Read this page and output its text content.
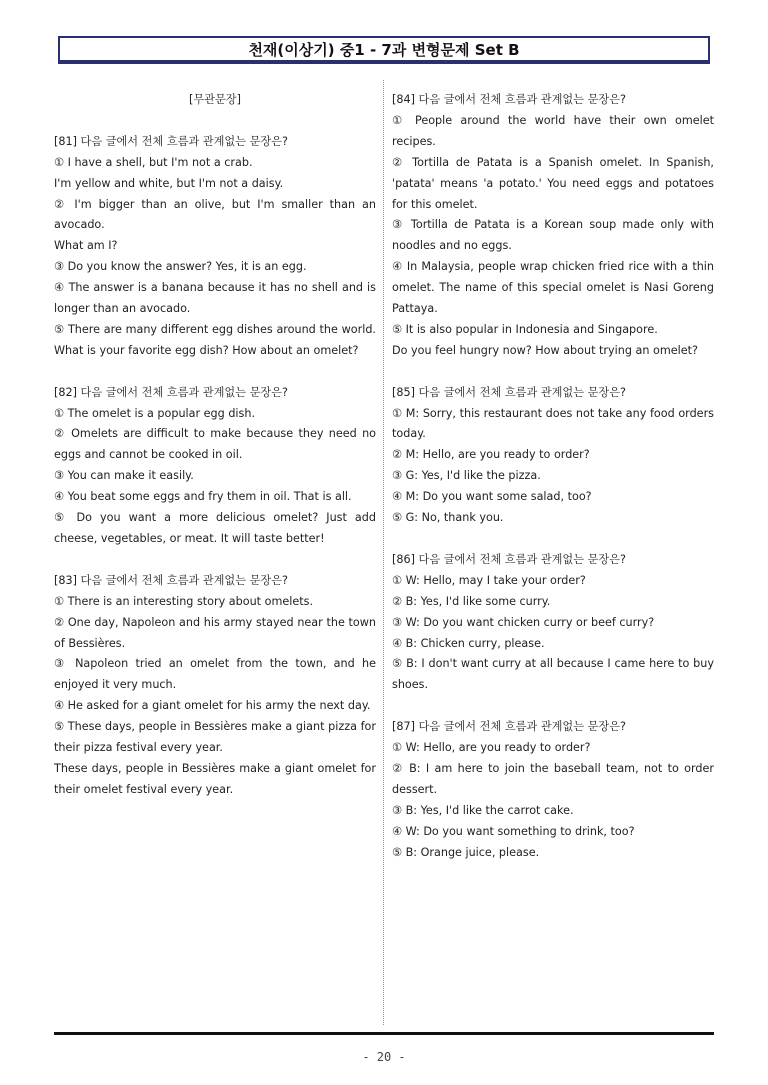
천재(이상기) 중1 - 7과 변형문제 Set B

[무관문장]

[81] 다음 글에서 전체 흐름과 관계없는 문장은?

① I have a shell, but I'm not a crab.

I'm yellow and white, but I'm not a daisy.

② I'm bigger than an olive, but I'm smaller than an avocado.

What am I?

③ Do you know the answer? Yes, it is an egg.

④ The answer is a banana because it has no shell and is longer than an avocado.

⑤ There are many different egg dishes around the world. What is your favorite egg dish? How about an omelet?

[82] 다음 글에서 전체 흐름과 관계없는 문장은?

① The omelet is a popular egg dish.

② Omelets are difficult to make because they need no eggs and cannot be cooked in oil.

③ You can make it easily.

④ You beat some eggs and fry them in oil. That is all.

⑤ Do you want a more delicious omelet? Just add cheese, vegetables, or meat. It will taste better!

[83] 다음 글에서 전체 흐름과 관계없는 문장은?

① There is an interesting story about omelets.

② One day, Napoleon and his army stayed near the town of Bessières.

③ Napoleon tried an omelet from the town, and he enjoyed it very much.

④ He asked for a giant omelet for his army the next day.

⑤ These days, people in Bessières make a giant pizza for their pizza festival every year.

These days, people in Bessières make a giant omelet for their omelet festival every year.

[84] 다음 글에서 전체 흐름과 관계없는 문장은?

① People around the world have their own omelet recipes.

② Tortilla de Patata is a Spanish omelet. In Spanish, 'patata' means 'a potato.' You need eggs and potatoes for this omelet.

③ Tortilla de Patata is a Korean soup made only with noodles and no eggs.

④ In Malaysia, people wrap chicken fried rice with a thin omelet. The name of this special omelet is Nasi Goreng Pattaya.

⑤ It is also popular in Indonesia and Singapore.

Do you feel hungry now? How about trying an omelet?

[85] 다음 글에서 전체 흐름과 관계없는 문장은?

① M: Sorry, this restaurant does not take any food orders today.

② M: Hello, are you ready to order?

③ G: Yes, I'd like the pizza.

④ M: Do you want some salad, too?

⑤ G: No, thank you.

[86] 다음 글에서 전체 흐름과 관계없는 문장은?

① W: Hello, may I take your order?

② B: Yes, I'd like some curry.

③ W: Do you want chicken curry or beef curry?

④ B: Chicken curry, please.

⑤ B: I don't want curry at all because I came here to buy shoes.

[87] 다음 글에서 전체 흐름과 관계없는 문장은?

① W: Hello, are you ready to order?

② B: I am here to join the baseball team, not to order dessert.

③ B: Yes, I'd like the carrot cake.

④ W: Do you want something to drink, too?

⑤ B: Orange juice, please.

- 20 -
